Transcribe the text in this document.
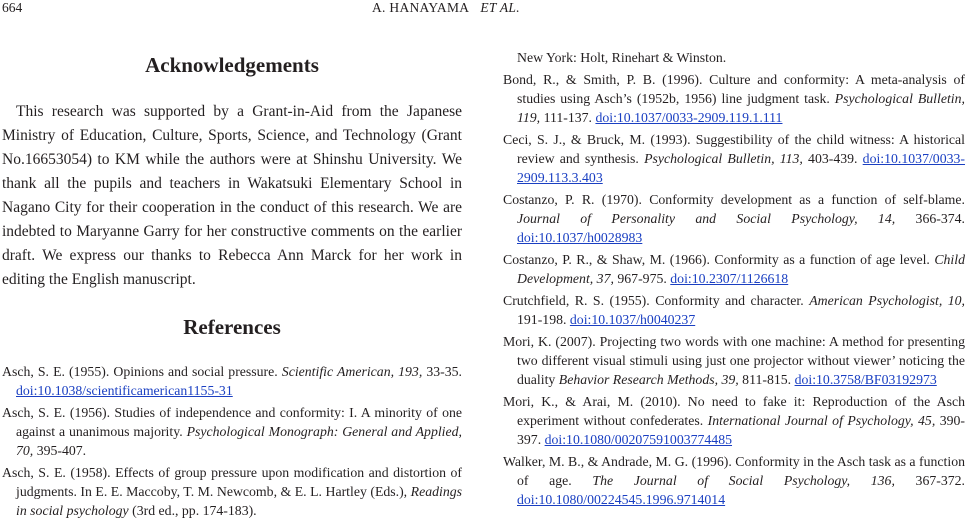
664	A. HANAYAMA ET AL.
Acknowledgements

This research was supported by a Grant-in-Aid from the Japanese Ministry of Education, Culture, Sports, Science, and Technology (Grant No.16653054) to KM while the authors were at Shinshu University. We thank all the pupils and teachers in Wakatsuki Elementary School in Nagano City for their cooperation in the conduct of this research. We are indebted to Maryanne Garry for her constructive comments on the earlier draft. We express our thanks to Rebecca Ann Marck for her work in editing the English manuscript.

References
Asch, S. E. (1955). Opinions and social pressure. Scientific American, 193, 33-35. doi:10.1038/scientificamerican1155-31
Asch, S. E. (1956). Studies of independence and conformity: I. A minority of one against a unanimous majority. Psychological Monograph: General and Applied, 70, 395-407.
Asch, S. E. (1958). Effects of group pressure upon modification and distortion of judgments. In E. E. Maccoby, T. M. Newcomb, & E. L. Hartley (Eds.), Readings in social psychology (3rd ed., pp. 174-183).
New York: Holt, Rinehart & Winston.
Bond, R., & Smith, P. B. (1996). Culture and conformity: A meta-analysis of studies using Asch’s (1952b, 1956) line judgment task. Psychological Bulletin, 119, 111-137. doi:10.1037/0033-2909.119.1.111
Ceci, S. J., & Bruck, M. (1993). Suggestibility of the child witness: A historical review and synthesis. Psychological Bulletin, 113, 403-439. doi:10.1037/0033-2909.113.3.403
Costanzo, P. R. (1970). Conformity development as a function of self-blame. Journal of Personality and Social Psychology, 14, 366-374. doi:10.1037/h0028983
Costanzo, P. R., & Shaw, M. (1966). Conformity as a function of age level. Child Development, 37, 967-975. doi:10.2307/1126618
Crutchfield, R. S. (1955). Conformity and character. American Psychologist, 10, 191-198. doi:10.1037/h0040237
Mori, K. (2007). Projecting two words with one machine: A method for presenting two different visual stimuli using just one projector without viewer’ noticing the duality Behavior Research Methods, 39, 811-815. doi:10.3758/BF03192973
Mori, K., & Arai, M. (2010). No need to fake it: Reproduction of the Asch experiment without confederates. International Journal of Psychology, 45, 390-397. doi:10.1080/00207591003774485
Walker, M. B., & Andrade, M. G. (1996). Conformity in the Asch task as a function of age. The Journal of Social Psychology, 136, 367-372. doi:10.1080/00224545.1996.9714014
